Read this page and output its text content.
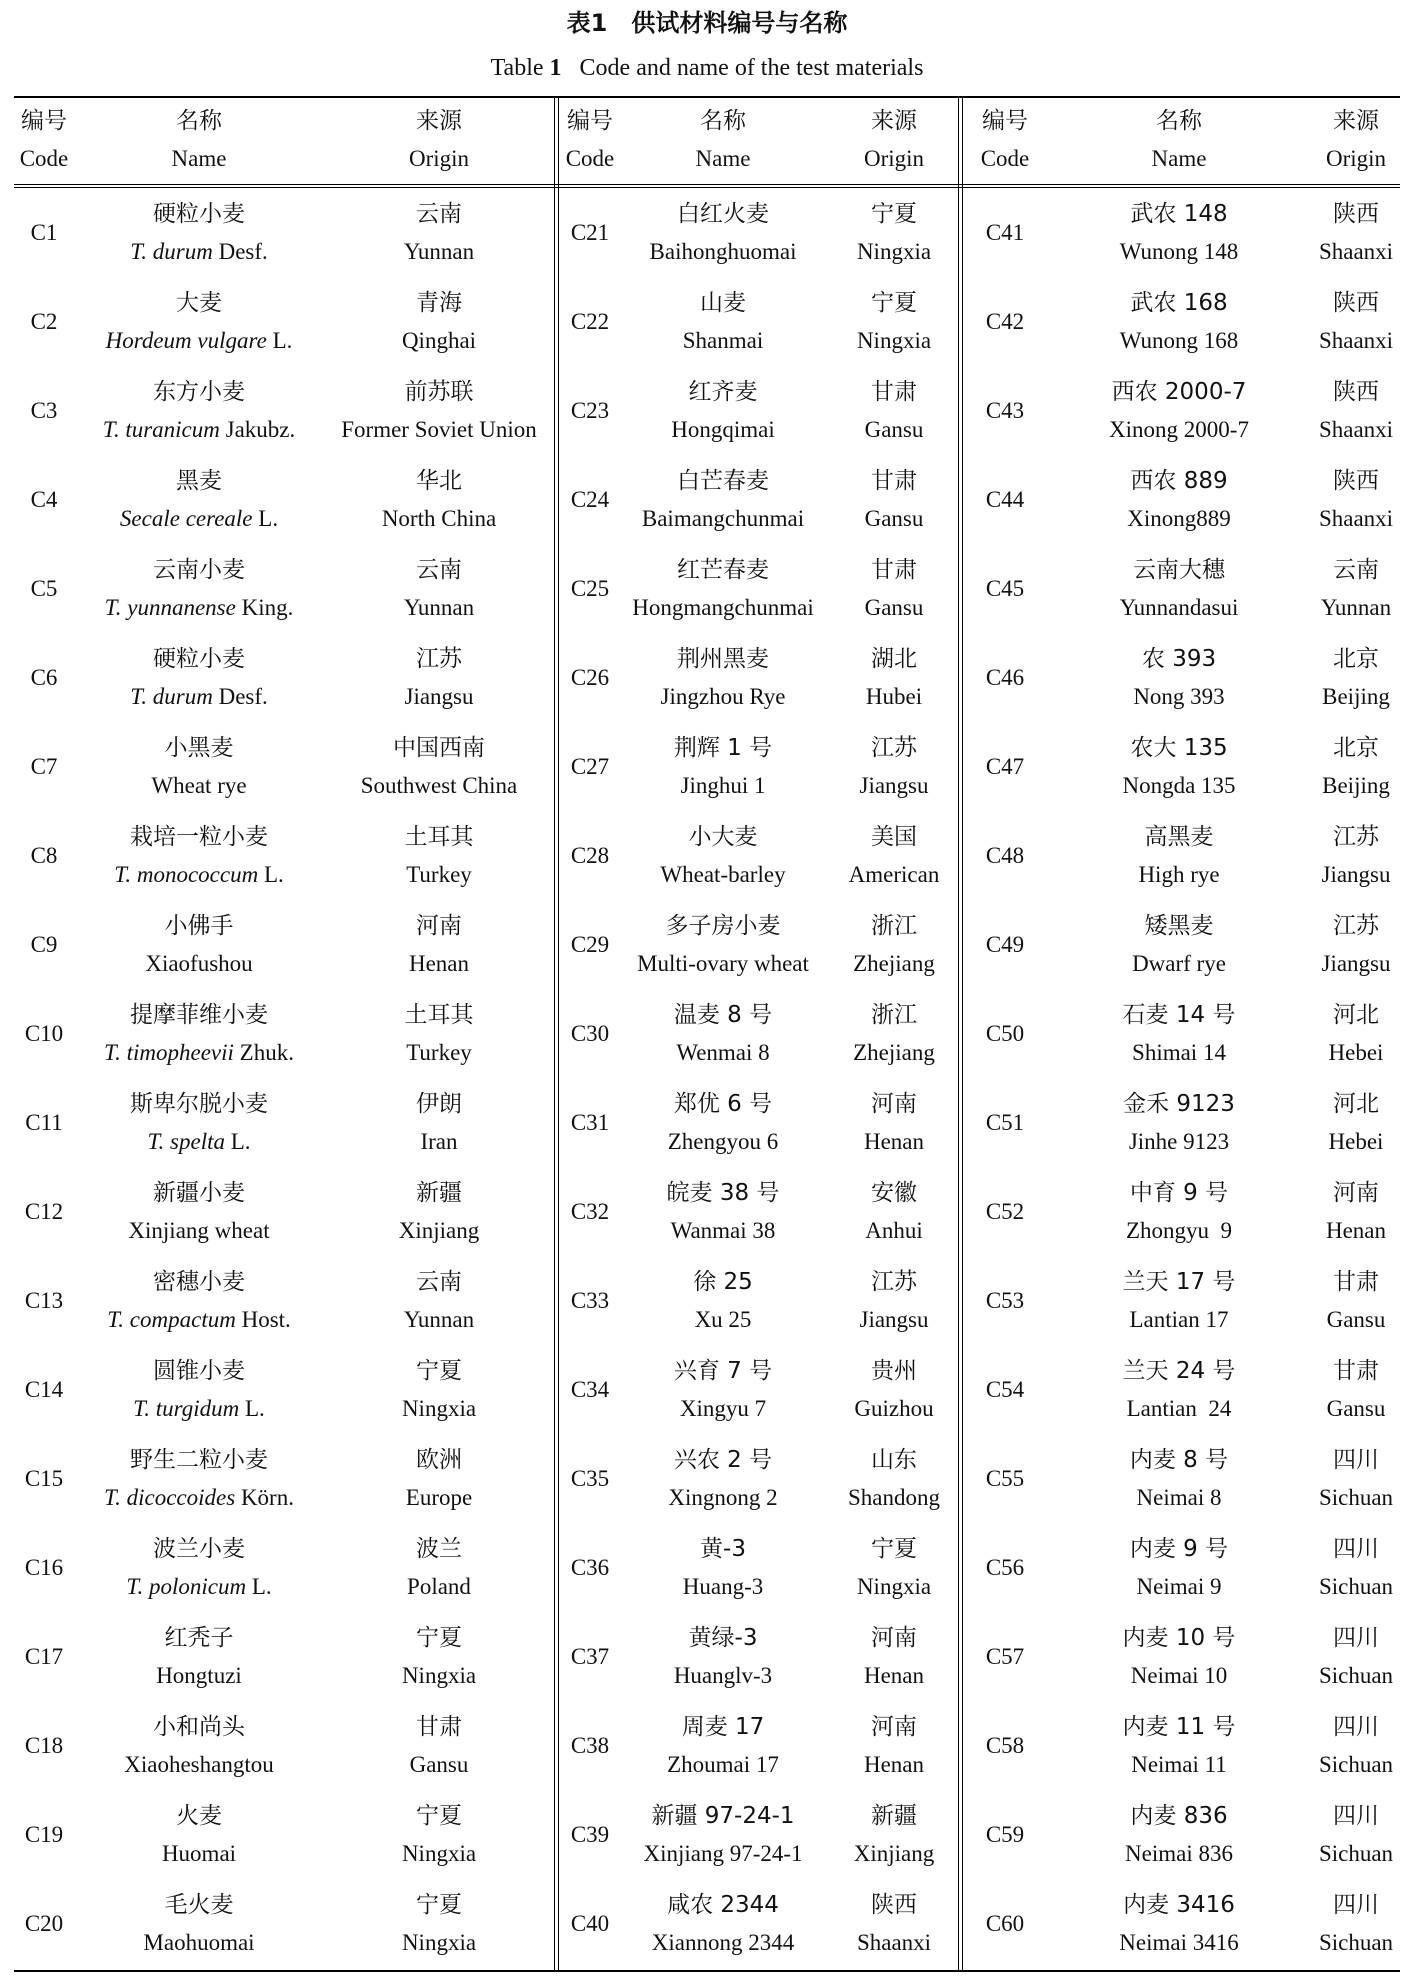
表1　供试材料编号与名称
Table 1 Code and name of the test materials
编号
Code
名称
Name
来源
Origin
C1
硬粒小麦
T. durum Desf.
云南
Yunnan
C2
大麦
Hordeum vulgare L.
青海
Qinghai
C3
东方小麦
T. turanicum Jakubz.
前苏联
Former Soviet Union
C4
黑麦
Secale cereale L.
华北
North China
C5
云南小麦
T. yunnanense King.
云南
Yunnan
C6
硬粒小麦
T. durum Desf.
江苏
Jiangsu
C7
小黑麦
Wheat rye
中国西南
Southwest China
C8
栽培一粒小麦
T. monococcum L.
土耳其
Turkey
C9
小佛手
Xiaofushou
河南
Henan
C10
提摩菲维小麦
T. timopheevii Zhuk.
土耳其
Turkey
C11
斯卑尔脱小麦
T. spelta L.
伊朗
Iran
C12
新疆小麦
Xinjiang wheat
新疆
Xinjiang
C13
密穗小麦
T. compactum Host.
云南
Yunnan
C14
圆锥小麦
T. turgidum L.
宁夏
Ningxia
C15
野生二粒小麦
T. dicoccoides Körn.
欧洲
Europe
C16
波兰小麦
T. polonicum L.
波兰
Poland
C17
红秃子
Hongtuzi
宁夏
Ningxia
C18
小和尚头
Xiaoheshangtou
甘肃
Gansu
C19
火麦
Huomai
宁夏
Ningxia
C20
毛火麦
Maohuomai
宁夏
Ningxia
编号
Code
名称
Name
来源
Origin
C21
白红火麦
Baihonghuomai
宁夏
Ningxia
C22
山麦
Shanmai
宁夏
Ningxia
C23
红齐麦
Hongqimai
甘肃
Gansu
C24
白芒春麦
Baimangchunmai
甘肃
Gansu
C25
红芒春麦
Hongmangchunmai
甘肃
Gansu
C26
荆州黑麦
Jingzhou Rye
湖北
Hubei
C27
荆辉 1 号
Jinghui 1
江苏
Jiangsu
C28
小大麦
Wheat-barley
美国
American
C29
多子房小麦
Multi-ovary wheat
浙江
Zhejiang
C30
温麦 8 号
Wenmai 8
浙江
Zhejiang
C31
郑优 6 号
Zhengyou 6
河南
Henan
C32
皖麦 38 号
Wanmai 38
安徽
Anhui
C33
徐 25
Xu 25
江苏
Jiangsu
C34
兴育 7 号
Xingyu 7
贵州
Guizhou
C35
兴农 2 号
Xingnong 2
山东
Shandong
C36
黄-3
Huang-3
宁夏
Ningxia
C37
黄绿-3
Huanglv-3
河南
Henan
C38
周麦 17
Zhoumai 17
河南
Henan
C39
新疆 97-24-1
Xinjiang 97-24-1
新疆
Xinjiang
C40
咸农 2344
Xiannong 2344
陕西
Shaanxi
编号
Code
名称
Name
来源
Origin
C41
武农 148
Wunong 148
陕西
Shaanxi
C42
武农 168
Wunong 168
陕西
Shaanxi
C43
西农 2000-7
Xinong 2000-7
陕西
Shaanxi
C44
西农 889
Xinong889
陕西
Shaanxi
C45
云南大穗
Yunnandasui
云南
Yunnan
C46
农 393
Nong 393
北京
Beijing
C47
农大 135
Nongda 135
北京
Beijing
C48
高黑麦
High rye
江苏
Jiangsu
C49
矮黑麦
Dwarf rye
江苏
Jiangsu
C50
石麦 14 号
Shimai 14
河北
Hebei
C51
金禾 9123
Jinhe 9123
河北
Hebei
C52
中育 9 号
Zhongyu  9
河南
Henan
C53
兰天 17 号
Lantian 17
甘肃
Gansu
C54
兰天 24 号
Lantian  24
甘肃
Gansu
C55
内麦 8 号
Neimai 8
四川
Sichuan
C56
内麦 9 号
Neimai 9
四川
Sichuan
C57
内麦 10 号
Neimai 10
四川
Sichuan
C58
内麦 11 号
Neimai 11
四川
Sichuan
C59
内麦 836
Neimai 836
四川
Sichuan
C60
内麦 3416
Neimai 3416
四川
Sichuan
